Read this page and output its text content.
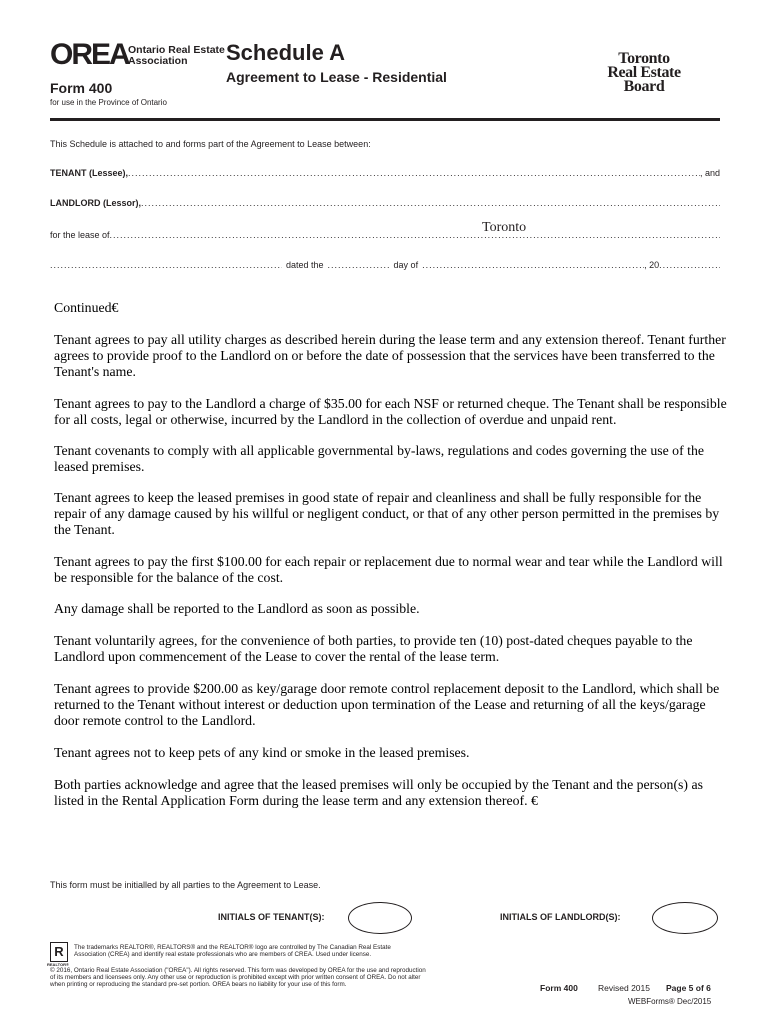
OREA Ontario Real Estate
Association
Form 400
for use in the Province of Ontario
Schedule A
Agreement to Lease - Residential
Toronto
Real Estate
Board
This Schedule is attached to and forms part of the Agreement to Lease between:
TENANT (Lessee), .....	, and
LANDLORD (Lessor),
.....
for the lease of .....	Toronto
.....
dated the .....	day of .....	, 20
.....
Continued€
Tenant agrees to pay all utility charges as described herein during the lease term and any extension thereof. Tenant further agrees to provide proof to the Landlord on or before the date of possession that the services have been transferred to the Tenant's name.
Tenant agrees to pay to the Landlord a charge of $35.00 for each NSF or returned cheque. The Tenant shall be responsible for all costs, legal or otherwise, incurred by the Landlord in the collection of overdue and unpaid rent.
Tenant covenants to comply with all applicable governmental by-laws, regulations and codes governing the use of the leased premises.
Tenant agrees to keep the leased premises in good state of repair and cleanliness and shall be fully responsible for the repair of any damage caused by his willful or negligent conduct, or that of any other person permitted in the premises by the Tenant.
Tenant agrees to pay the first $100.00 for each repair or replacement due to normal wear and tear while the Landlord will be responsible for the balance of the cost.
Any damage shall be reported to the Landlord as soon as possible.
Tenant voluntarily agrees, for the convenience of both parties, to provide ten (10) post-dated cheques payable to the Landlord upon commencement of the Lease to cover the rental of the lease term.
Tenant agrees to provide $200.00 as key/garage door remote control replacement deposit to the Landlord, which shall be returned to the Tenant without interest or deduction upon termination of the Lease and returning of all the keys/garage door remote control to the Landlord.
Tenant agrees not to keep pets of any kind or smoke in the leased premises.
Both parties acknowledge and agree that the leased premises will only be occupied by the Tenant and the person(s) as listed in the Rental Application Form during the lease term and any extension thereof. €
This form must be initialled by all parties to the Agreement to Lease.
INITIALS OF TENANT(S):	INITIALS OF LANDLORD(S):
R
REALTOR®
The trademarks REALTOR®, REALTORS® and the REALTOR® logo are controlled by The Canadian Real Estate
Association (CREA) and identify real estate professionals who are members of CREA. Used under license.
© 2016, Ontario Real Estate Association ("OREA"). All rights reserved. This form was developed by OREA for the use and reproduction
of its members and licensees only. Any other use or reproduction is prohibited except with prior written consent of OREA. Do not alter
when printing or reproducing the standard pre-set portion. OREA bears no liability for your use of this form.	Form 400 Revised 2015 Page 5 of 6
WEBForms® Dec/2015
